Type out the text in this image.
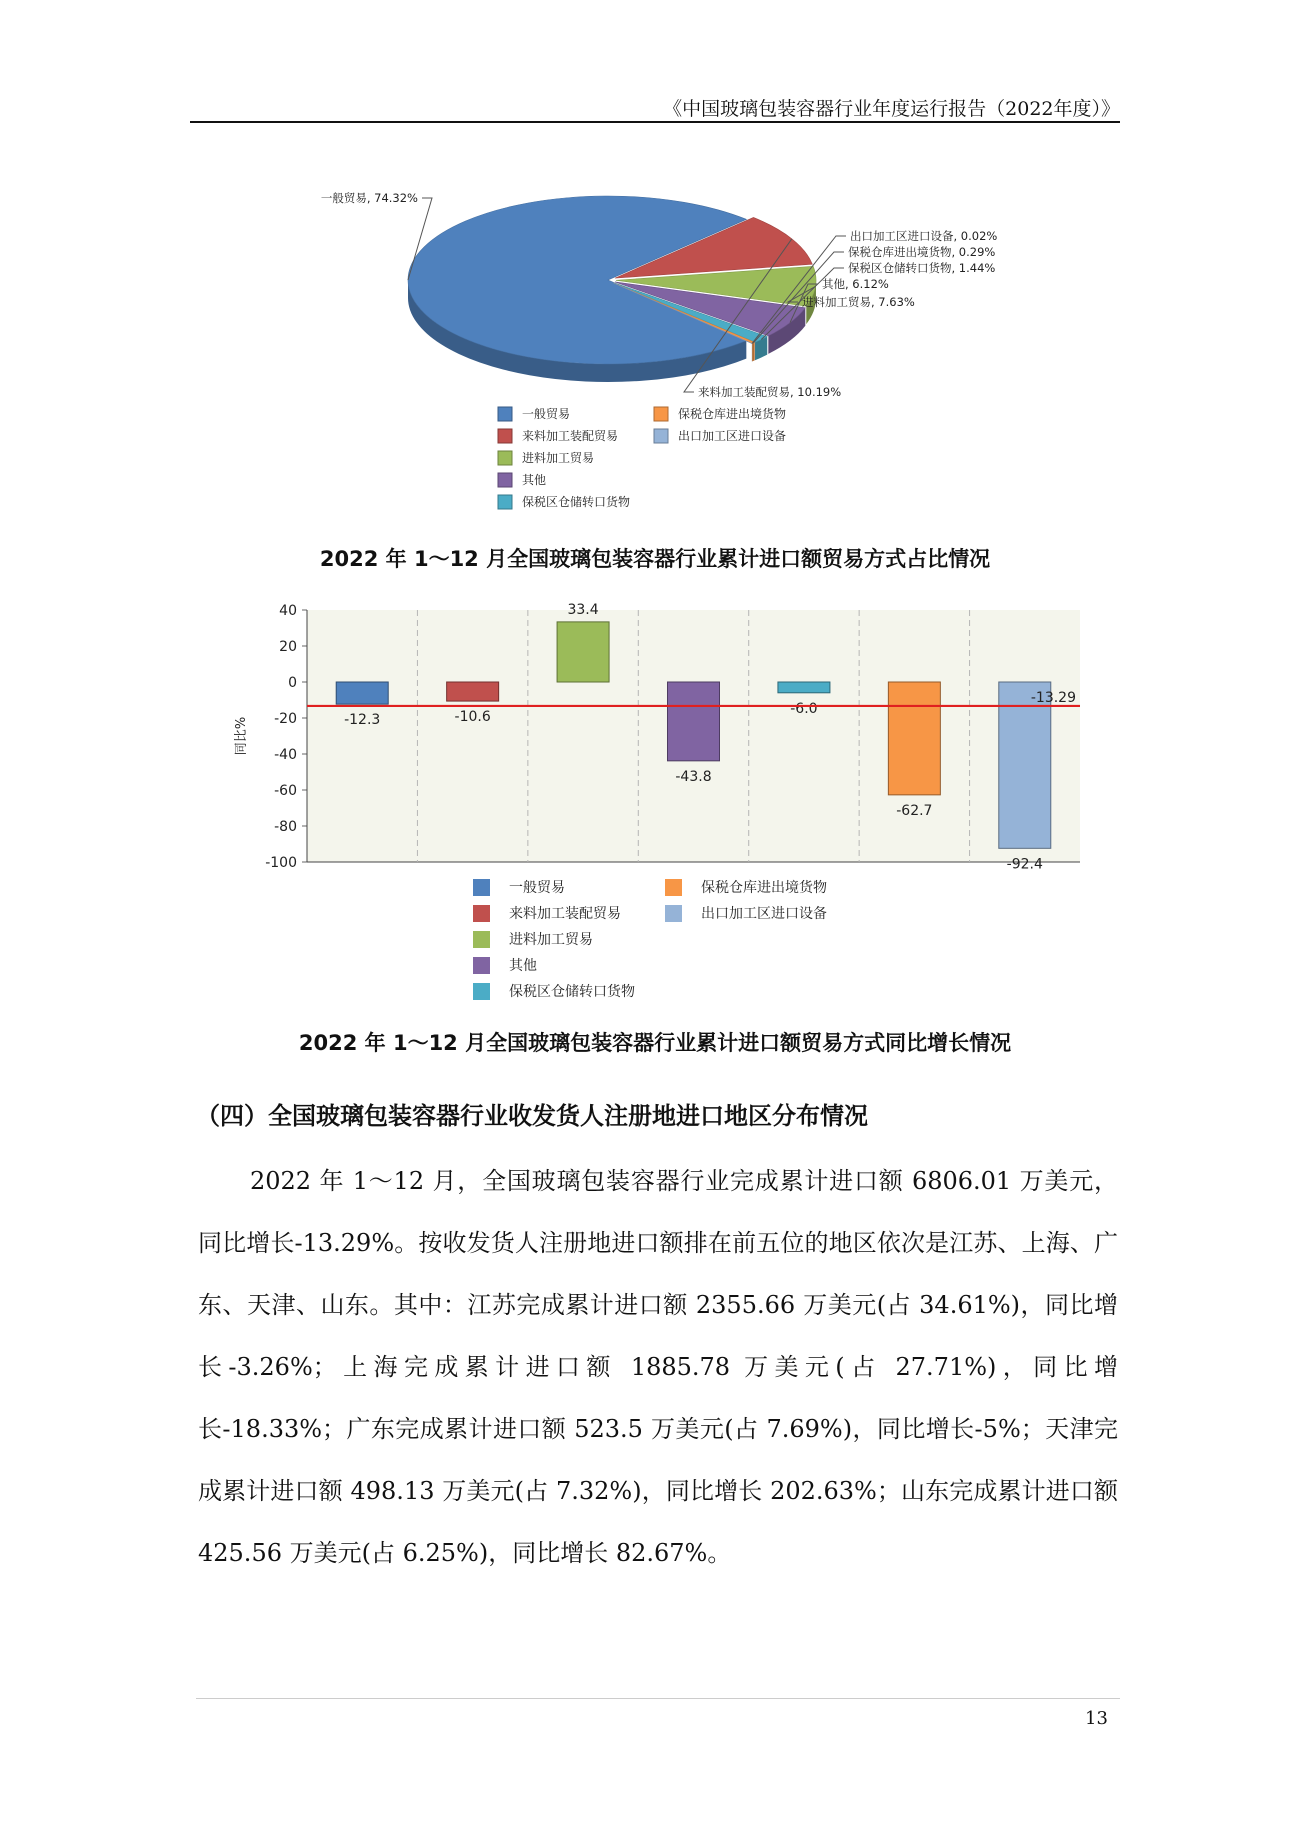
《中国玻璃包装容器行业年度运行报告（2022年度）》
一般贸易, 74.32%
来料加工装配贸易, 10.19%
进料加工贸易, 7.63%
其他, 6.12%
保税区仓储转口货物, 1.44%
保税仓库进出境货物, 0.29%
出口加工区进口设备, 0.02%
一般贸易
来料加工装配贸易
进料加工贸易
其他
保税区仓储转口货物
保税仓库进出境货物
出口加工区进口设备
2022 年 1～12 月全国玻璃包装容器行业累计进口额贸易方式占比情况
40
20
0
-20
-40
-60
-80
-100
同比%	-12.3	-10.6
33.4
-43.8
-6.0
-62.7
-92.4
-13.29
一般贸易
来料加工装配贸易
进料加工贸易
其他
保税区仓储转口货物
保税仓库进出境货物
出口加工区进口设备
2022 年 1～12 月全国玻璃包装容器行业累计进口额贸易方式同比增长情况
（四）全国玻璃包装容器行业收发货人注册地进口地区分布情况

2022 年 1～12 月，全国玻璃包装容器行业完成累计进口额 6806.01 万美元，同比增长-13.29%。按收发货人注册地进口额排在前五位的地区依次是江苏、上海、广东、天津、山东。其中：江苏完成累计进口额 2355.66 万美元(占 34.61%)，同比增长-3.26%；上海完成累计进口额 1885.78 万美元(占 27.71%)，同比增长-18.33%；广东完成累计进口额 523.5 万美元(占 7.69%)，同比增长-5%；天津完成累计进口额 498.13 万美元(占 7.32%)，同比增长 202.63%；山东完成累计进口额 425.56 万美元(占 6.25%)，同比增长 82.67%。

13
